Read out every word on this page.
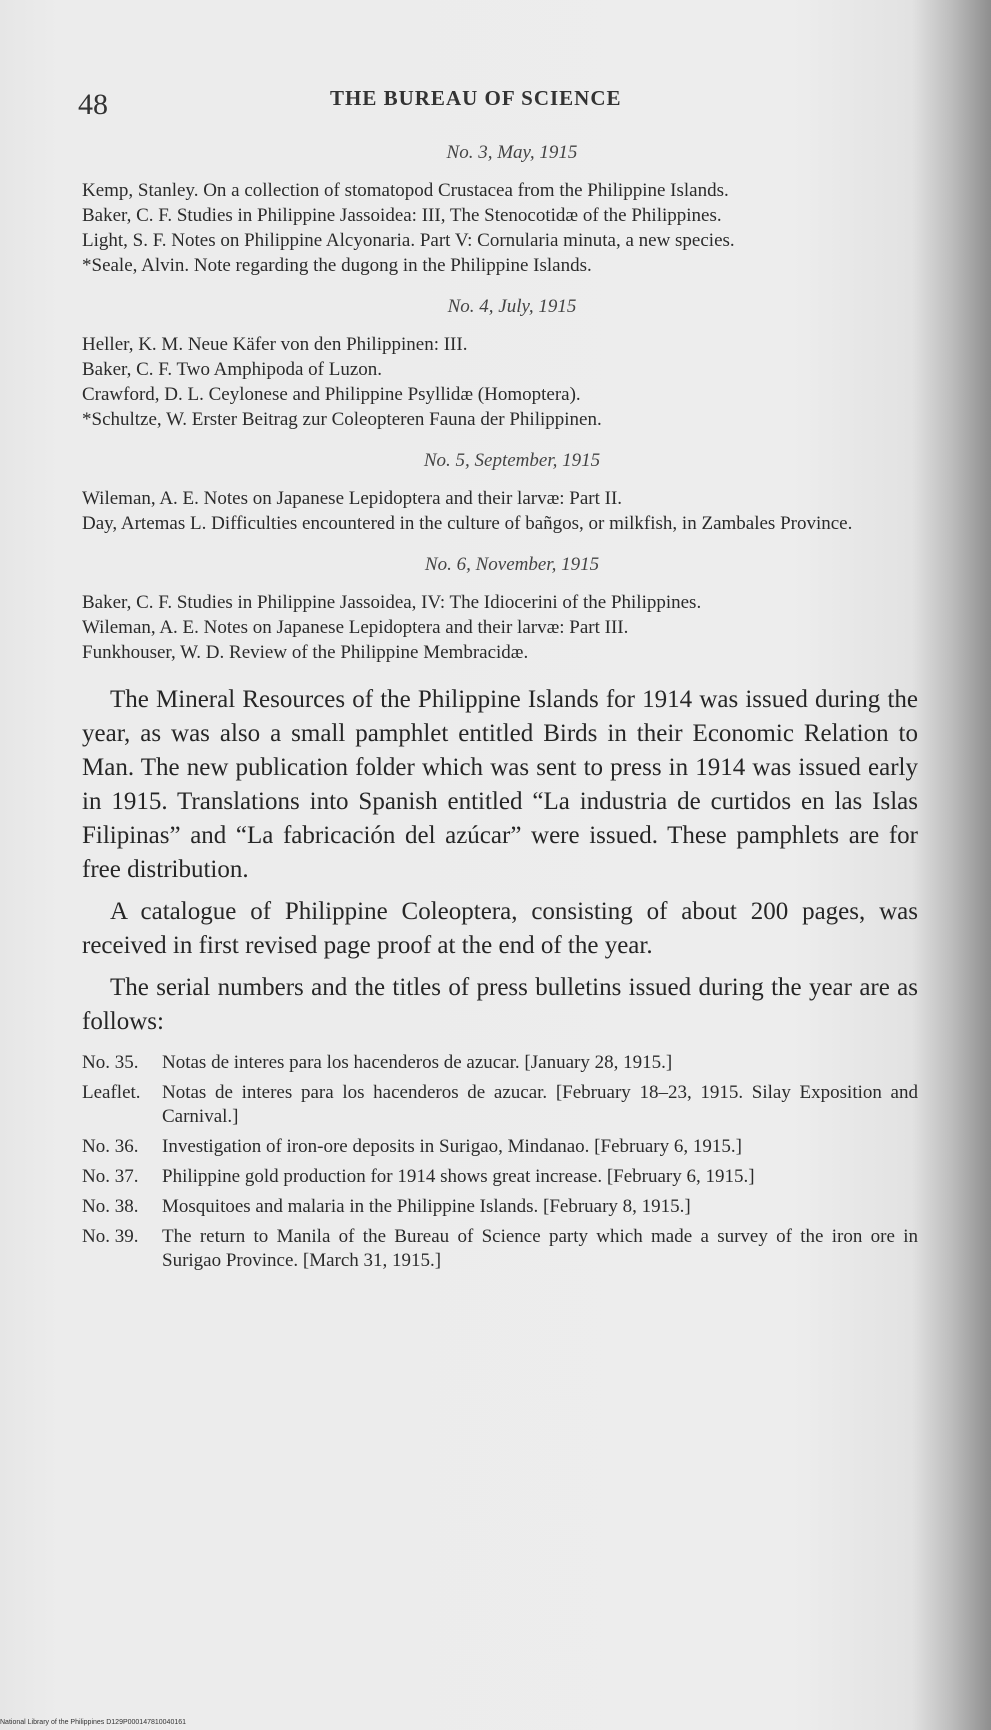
48	THE BUREAU OF SCIENCE

No. 3, May, 1915

Kemp, Stanley. On a collection of stomatopod Crustacea from the Philippine Islands.

Baker, C. F. Studies in Philippine Jassoidea: III, The Stenocotidæ of the Philippines.

Light, S. F. Notes on Philippine Alcyonaria. Part V: Cornularia minuta, a new species.

*Seale, Alvin. Note regarding the dugong in the Philippine Islands.

No. 4, July, 1915

Heller, K. M. Neue Käfer von den Philippinen: III.

Baker, C. F. Two Amphipoda of Luzon.

Crawford, D. L. Ceylonese and Philippine Psyllidæ (Homoptera).

*Schultze, W. Erster Beitrag zur Coleopteren Fauna der Philippinen.

No. 5, September, 1915

Wileman, A. E. Notes on Japanese Lepidoptera and their larvæ: Part II.

Day, Artemas L. Difficulties encountered in the culture of bañgos, or milkfish, in Zambales Province.

No. 6, November, 1915

Baker, C. F. Studies in Philippine Jassoidea, IV: The Idiocerini of the Philippines.

Wileman, A. E. Notes on Japanese Lepidoptera and their larvæ: Part III.

Funkhouser, W. D. Review of the Philippine Membracidæ.

The Mineral Resources of the Philippine Islands for 1914 was issued during the year, as was also a small pamphlet entitled Birds in their Economic Relation to Man. The new publication folder which was sent to press in 1914 was issued early in 1915. Translations into Spanish entitled “La industria de curtidos en las Islas Filipinas” and “La fabricación del azúcar” were issued. These pamphlets are for free distribution.

A catalogue of Philippine Coleoptera, consisting of about 200 pages, was received in first revised page proof at the end of the year.

The serial numbers and the titles of press bulletins issued during the year are as follows:

No. 35. Notas de interes para los hacenderos de azucar. [January 28, 1915.]

Leaflet. Notas de interes para los hacenderos de azucar. [February 18–23, 1915. Silay Exposition and Carnival.]

No. 36. Investigation of iron-ore deposits in Surigao, Mindanao. [February 6, 1915.]

No. 37. Philippine gold production for 1914 shows great increase. [February 6, 1915.]

No. 38. Mosquitoes and malaria in the Philippine Islands. [February 8, 1915.]

No. 39. The return to Manila of the Bureau of Science party which made a survey of the iron ore in Surigao Province. [March 31, 1915.]

National Library of the Philippines D129P000147810040161
